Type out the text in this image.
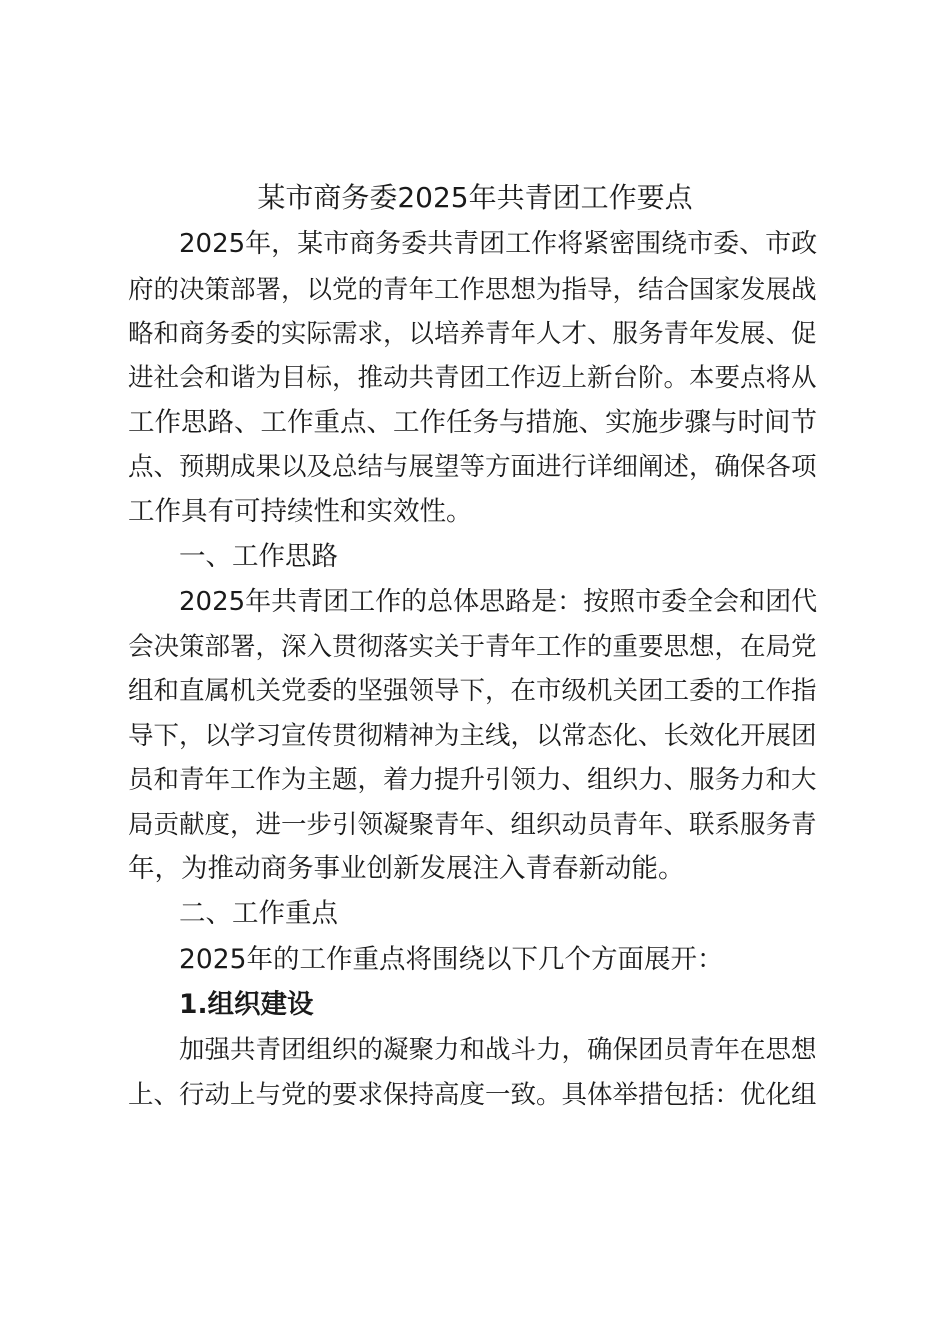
某市商务委2025年共青团工作要点
2025年，某市商务委共青团工作将紧密围绕市委、市政
府的决策部署，以党的青年工作思想为指导，结合国家发展战
略和商务委的实际需求，以培养青年人才、服务青年发展、促
进社会和谐为目标，推动共青团工作迈上新台阶。本要点将从
工作思路、工作重点、工作任务与措施、实施步骤与时间节
点、预期成果以及总结与展望等方面进行详细阐述，确保各项
工作具有可持续性和实效性。
一、工作思路
2025年共青团工作的总体思路是：按照市委全会和团代
会决策部署，深入贯彻落实关于青年工作的重要思想，在局党
组和直属机关党委的坚强领导下，在市级机关团工委的工作指
导下，以学习宣传贯彻精神为主线，以常态化、长效化开展团
员和青年工作为主题，着力提升引领力、组织力、服务力和大
局贡献度，进一步引领凝聚青年、组织动员青年、联系服务青
年，为推动商务事业创新发展注入青春新动能。
二、工作重点
2025年的工作重点将围绕以下几个方面展开：
1.组织建设
加强共青团组织的凝聚力和战斗力，确保团员青年在思想
上、行动上与党的要求保持高度一致。具体举措包括：优化组
